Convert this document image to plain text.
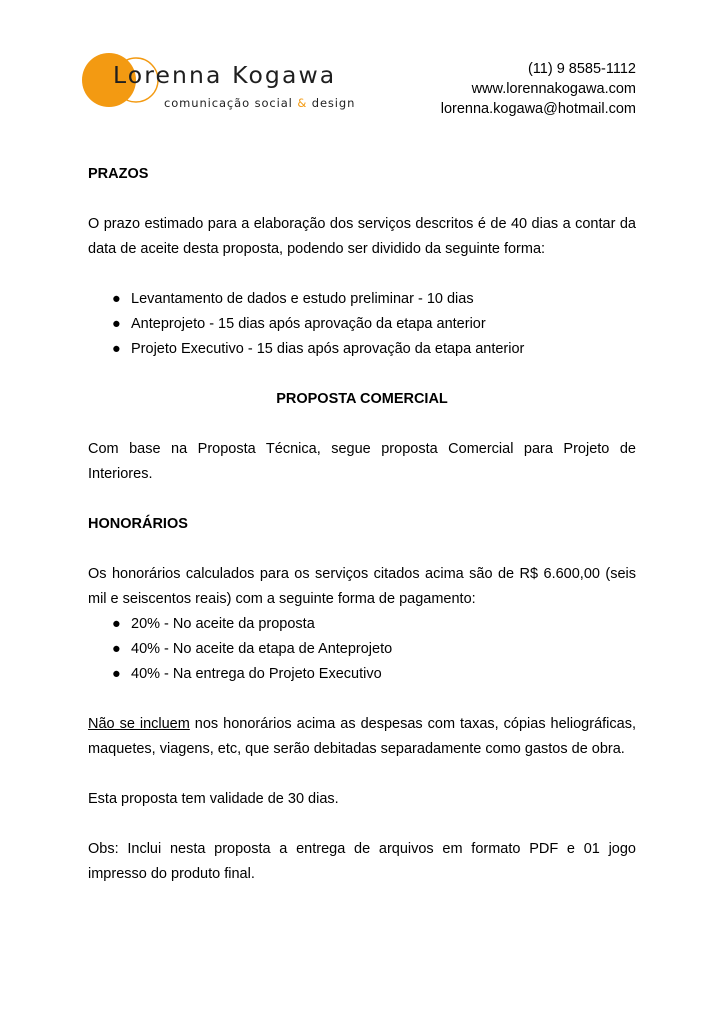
Lorenna Kogawa
comunicação social & design
(11) 9 8585-1112
www.lorennakogawa.com
lorenna.kogawa@hotmail.com

PRAZOS

O prazo estimado para a elaboração dos serviços descritos é de 40 dias a contar da data de aceite desta proposta, podendo ser dividido da seguinte forma:

● Levantamento de dados e estudo preliminar - 10 dias
● Anteprojeto - 15 dias após aprovação da etapa anterior
● Projeto Executivo - 15 dias após aprovação da etapa anterior

PROPOSTA COMERCIAL

Com base na Proposta Técnica, segue proposta Comercial para Projeto de Interiores.

HONORÁRIOS

Os honorários calculados para os serviços citados acima são de R$ 6.600,00 (seis mil e seiscentos reais) com a seguinte forma de pagamento:

● 20% - No aceite da proposta
● 40% - No aceite da etapa de Anteprojeto
● 40% - Na entrega do Projeto Executivo

Não se incluem nos honorários acima as despesas com taxas, cópias heliográficas, maquetes, viagens, etc, que serão debitadas separadamente como gastos de obra.

Esta proposta tem validade de 30 dias.

Obs: Inclui nesta proposta a entrega de arquivos em formato PDF e 01 jogo impresso do produto final.
